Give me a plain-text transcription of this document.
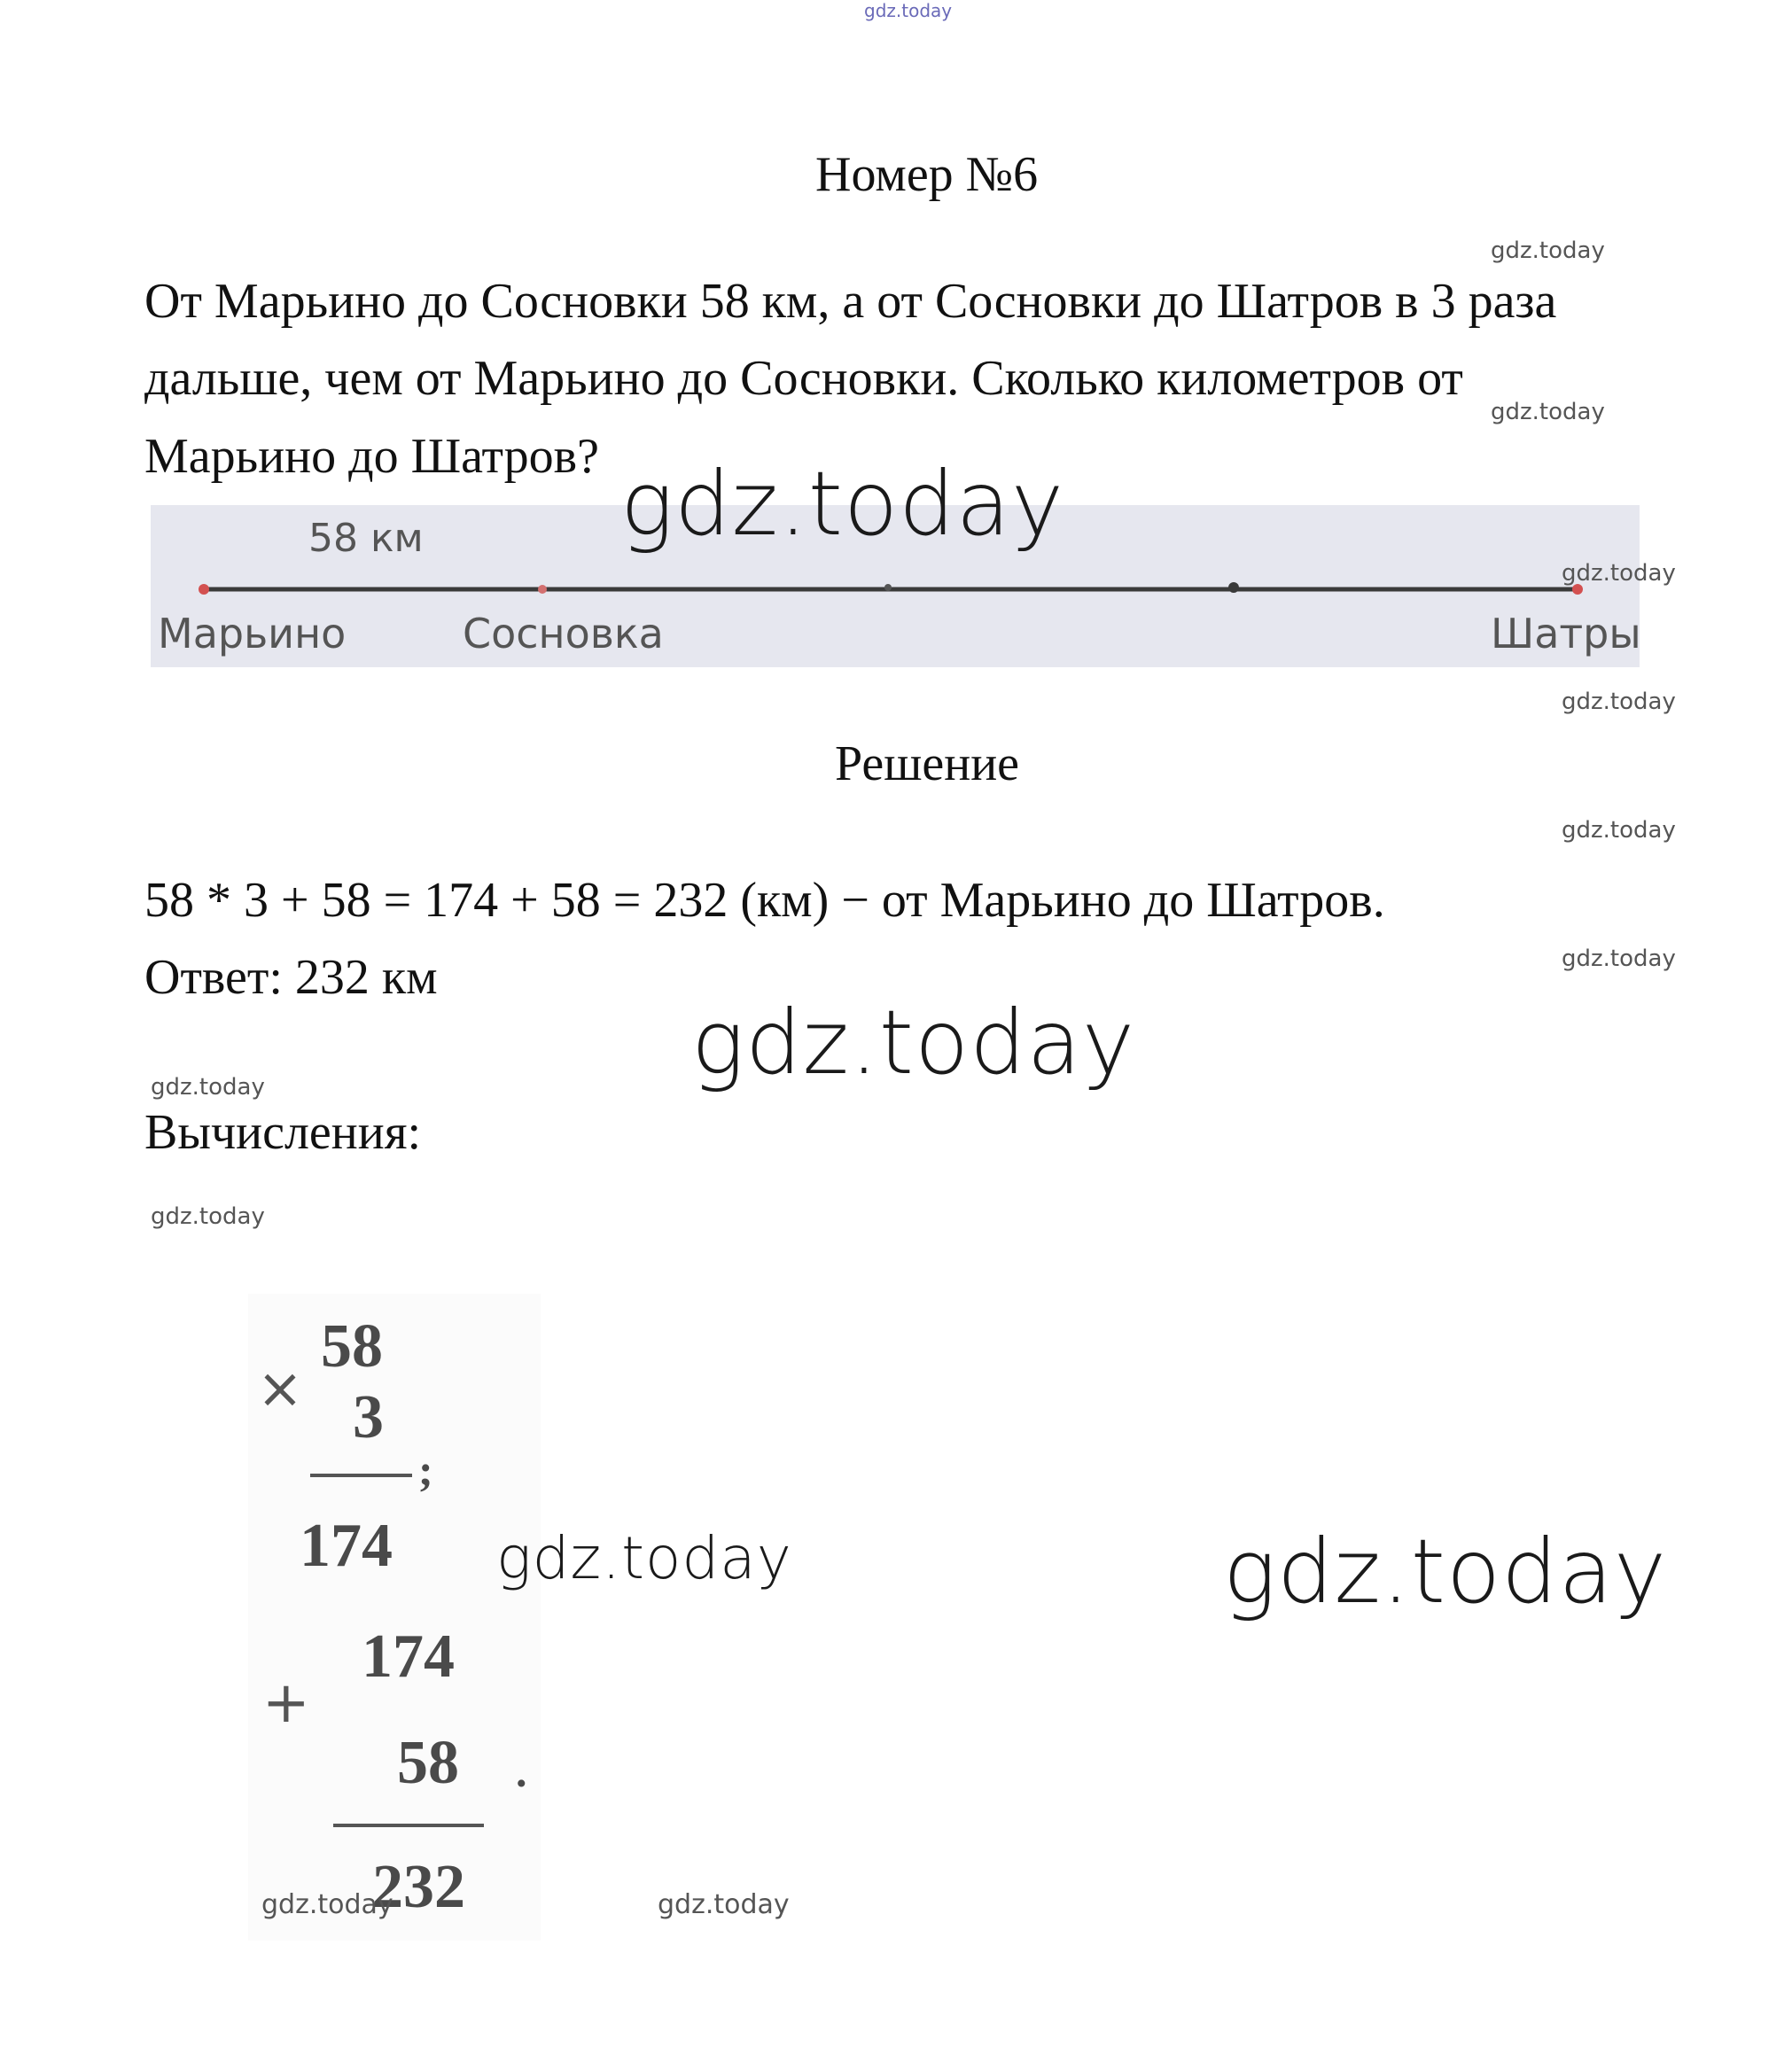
gdz.today
Номер №6
От Марьино до Сосновки 58 км, а от Сосновки до Шатров в 3 раза
дальше, чем от Марьино до Сосновки. Сколько километров от
Марьино до Шатров?
58 км
Марьино	Сосновка	Шатры
Решение
58 * 3 + 58 = 174 + 58 = 232 (км) − от Марьино до Шатров.
Ответ: 232 км
Вычисления:
×
58
3
;
174
+
174
58 .
232
gdz.today
gdz.today
gdz.today
gdz.today
gdz.today
gdz.today
gdz.today
gdz.today
gdz.today	gdz.today
gdz.today
gdz.today
gdz.today	gdz.today
